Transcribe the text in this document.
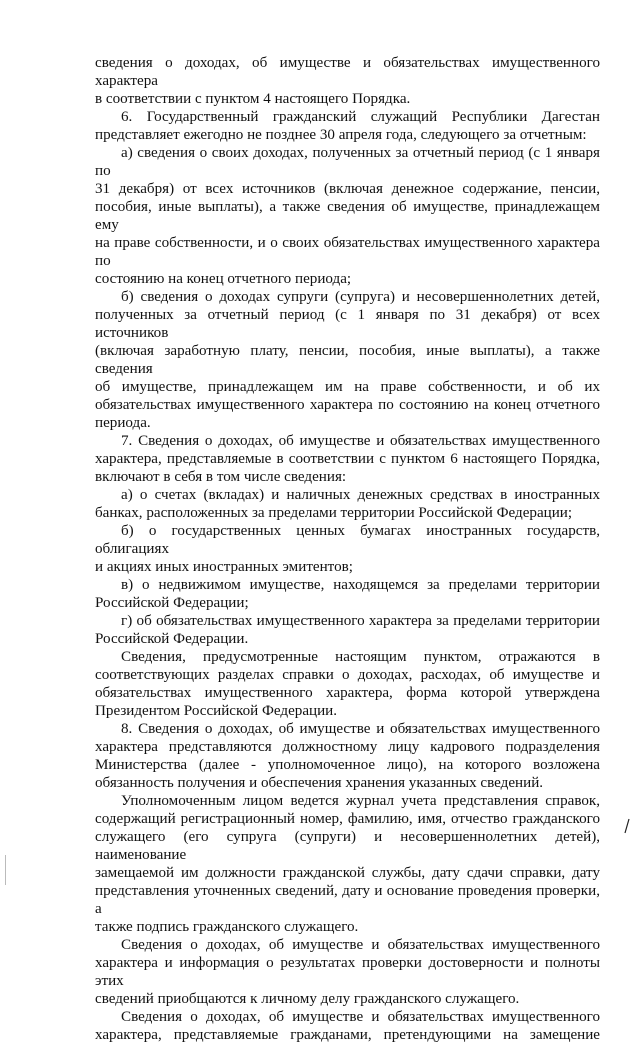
сведения о доходах, об имуществе и обязательствах имущественного характера
в соответствии с пунктом 4 настоящего Порядка.
6. Государственный гражданский служащий Республики Дагестан
представляет ежегодно не позднее 30 апреля года, следующего за отчетным:
а) сведения о своих доходах, полученных за отчетный период (с 1 января по
31 декабря) от всех источников (включая денежное содержание, пенсии,
пособия, иные выплаты), а также сведения об имуществе, принадлежащем ему
на праве собственности, и о своих обязательствах имущественного характера по
состоянию на конец отчетного периода;
б) сведения о доходах супруги (супруга) и несовершеннолетних детей,
полученных за отчетный период (с 1 января по 31 декабря) от всех источников
(включая заработную плату, пенсии, пособия, иные выплаты), а также сведения
об имуществе, принадлежащем им на праве собственности, и об их
обязательствах имущественного характера по состоянию на конец отчетного
периода.
7. Сведения о доходах, об имуществе и обязательствах имущественного
характера, представляемые в соответствии с пунктом 6 настоящего Порядка,
включают в себя в том числе сведения:
а) о счетах (вкладах) и наличных денежных средствах в иностранных
банках, расположенных за пределами территории Российской Федерации;
б) о государственных ценных бумагах иностранных государств, облигациях
и акциях иных иностранных эмитентов;
в) о недвижимом имуществе, находящемся за пределами территории
Российской Федерации;
г) об обязательствах имущественного характера за пределами территории
Российской Федерации.
Сведения, предусмотренные настоящим пунктом, отражаются в
соответствующих разделах справки о доходах, расходах, об имуществе и
обязательствах имущественного характера, форма которой утверждена
Президентом Российской Федерации.
8. Сведения о доходах, об имуществе и обязательствах имущественного
характера представляются должностному лицу кадрового подразделения
Министерства (далее - уполномоченное лицо), на которого возложена
обязанность получения и обеспечения хранения указанных сведений.
Уполномоченным лицом ведется журнал учета представления справок,
содержащий регистрационный номер, фамилию, имя, отчество гражданского
служащего (его супруга (супруги) и несовершеннолетних детей), наименование
замещаемой им должности гражданской службы, дату сдачи справки, дату
представления уточненных сведений, дату и основание проведения проверки, а
также подпись гражданского служащего.
Сведения о доходах, об имуществе и обязательствах имущественного
характера и информация о результатах проверки достоверности и полноты этих
сведений приобщаются к личному делу гражданского служащего.
Сведения о доходах, об имуществе и обязательствах имущественного
характера, представляемые гражданами, претендующими на замещение
